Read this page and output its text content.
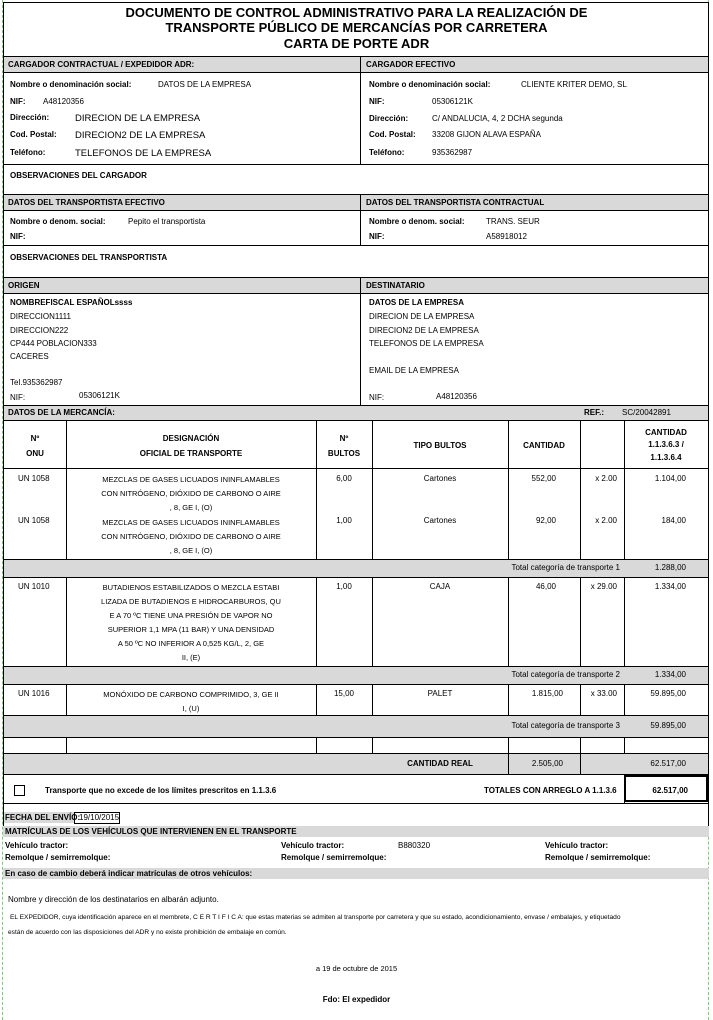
DOCUMENTO DE CONTROL ADMINISTRATIVO PARA LA REALIZACIÓN DE
TRANSPORTE PÚBLICO DE MERCANCÍAS POR CARRETERA
CARTA DE PORTE ADR
CARGADOR CONTRACTUAL / EXPEDIDOR ADR:	CARGADOR EFECTIVO
Nombre o denominación social:	DATOS DE LA EMPRESA
NIF: A48120356
Dirección:	DIRECION DE LA EMPRESA
Cod. Postal: DIRECION2 DE LA EMPRESA
Teléfono:	TELEFONOS DE LA EMPRESA
Nombre o denominación social:	CLIENTE KRITER DEMO, SL
NIF:	05306121K
Dirección:	C/ ANDALUCIA, 4, 2 DCHA segunda
Cod. Postal: 33208 GIJON ALAVA ESPAÑA
Teléfono:	935362987
OBSERVACIONES DEL CARGADOR
DATOS DEL TRANSPORTISTA EFECTIVO	DATOS DEL TRANSPORTISTA CONTRACTUAL
Nombre o denom. social:	Pepito el transportista
NIF:
Nombre o denom. social:	TRANS. SEUR
NIF:	A58918012
OBSERVACIONES DEL TRANSPORTISTA
ORIGEN	DESTINATARIO
NOMBREFISCAL ESPAÑOLssss
DIRECCION1111
DIRECCION222
CP444 POBLACION333
CACERES
Tel.935362987
NIF:	05306121K
DATOS DE LA EMPRESA
DIRECION DE LA EMPRESA
DIRECION2 DE LA EMPRESA
TELEFONOS DE LA EMPRESA
EMAIL DE LA EMPRESA
NIF:	A48120356
DATOS DE LA MERCANCÍA:	REF.: SC/20042891
Nº
ONU
DESIGNACIÓN
OFICIAL DE TRANSPORTE
Nº
BULTOS
TIPO BULTOS	CANTIDAD
CANTIDAD
1.1.3.6.3 /
1.1.3.6.4
UN 1058	MEZCLAS DE GASES LICUADOS ININFLAMABLES
CON NITRÓGENO, DIÓXIDO DE CARBONO O AIRE
, 8, GE I, (O)
6,00	Cartones	552,00	x 2.00	1.104,00
UN 1058	MEZCLAS DE GASES LICUADOS ININFLAMABLES
CON NITRÓGENO, DIÓXIDO DE CARBONO O AIRE
, 8, GE I, (O)
1,00	Cartones	92,00	x 2.00	184,00
Total categoría de transporte 1	1.288,00
UN 1010	BUTADIENOS ESTABILIZADOS O MEZCLA ESTABI
LIZADA DE BUTADIENOS E HIDROCARBUROS, QU
E A 70 ºC TIENE UNA PRESIÓN DE VAPOR NO
SUPERIOR 1,1 MPA (11 BAR) Y UNA DENSIDAD
A 50 ºC NO INFERIOR A 0,525 KG/L, 2, GE
II, (E)
1,00	CAJA	46,00	x 29.00	1.334,00
Total categoría de transporte 2	1.334,00
UN 1016	MONÓXIDO DE CARBONO COMPRIMIDO, 3, GE II
I, (U)
15,00	PALET	1.815,00	x 33.00	59.895,00
Total categoría de transporte 3	59.895,00
CANTIDAD REAL	2.505,00	62.517,00
Transporte que no excede de los límites prescritos en 1.1.3.6	TOTALES CON ARREGLO A 1.1.3.6	62.517,00
FECHA DEL ENVÍO:
19/10/2015
MATRÍCULAS DE LOS VEHÍCULOS QUE INTERVIENEN EN EL TRANSPORTE
Vehículo tractor:
Remolque / semirremolque:
Vehículo tractor:	B880320
Remolque / semirremolque:
Vehículo tractor:
Remolque / semirremolque:
En caso de cambio deberá indicar matrículas de otros vehículos:
Nombre y dirección de los destinatarios en albarán adjunto.
EL EXPEDIDOR, cuya identificación aparece en el membrete, C E R T I F I C A: que estas materias se admiten al transporte por carretera y que su estado, acondicionamiento, envase / embalajes, y etiquetado
están de acuerdo con las disposiciones del ADR y no existe prohibición de embalaje en común.
a 19 de octubre de 2015
Fdo: El expedidor
